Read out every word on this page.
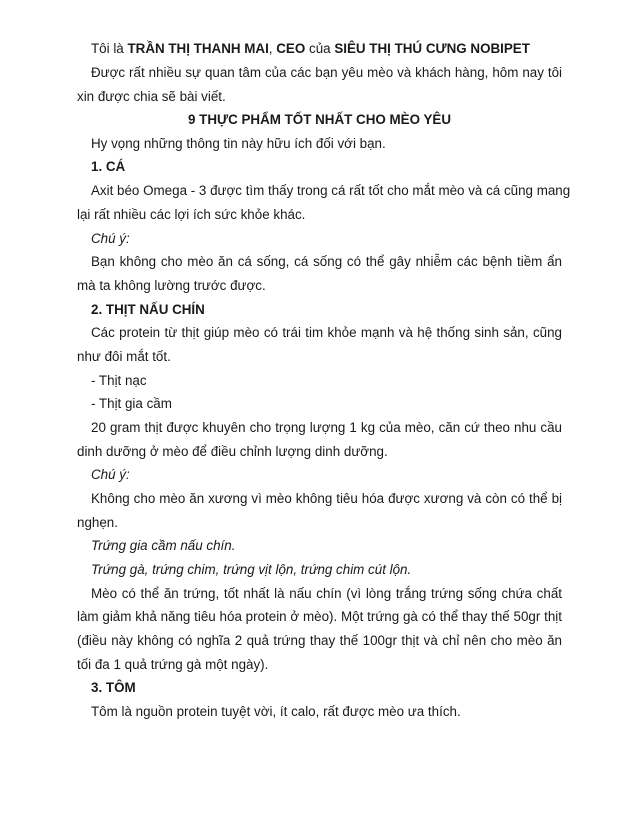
Tôi là TRẦN THỊ THANH MAI, CEO của SIÊU THỊ THÚ CƯNG NOBIPET
Được rất nhiều sự quan tâm của các bạn yêu mèo và khách hàng, hôm nay tôi
xin được chia sẽ bài viết.
9 THỰC PHẨM TỐT NHẤT CHO MÈO YÊU
Hy vọng những thông tin này hữu ích đối với bạn.
1. CÁ
Axit béo Omega - 3 được tìm thấy trong cá rất tốt cho mắt mèo và cá cũng mang
lại rất nhiều các lợi ích sức khỏe khác.
Chú ý:
Bạn không cho mèo ăn cá sống, cá sống có thể gây nhiễm các bệnh tiềm ẩn
mà ta không lường trước được.
2. THỊT NẤU CHÍN
Các protein từ thịt giúp mèo có trái tim khỏe mạnh và hệ thống sinh sản, cũng
như đôi mắt tốt.
- Thịt nạc
- Thịt gia cầm
20 gram thịt được khuyên cho trọng lượng 1 kg của mèo, căn cứ theo nhu cầu
dinh dưỡng ở mèo để điều chỉnh lượng dinh dưỡng.
Chú ý:
Không cho mèo ăn xương vì mèo không tiêu hóa được xương và còn có thể bị
nghẹn.
Trứng gia cầm nấu chín.
Trứng gà, trứng chim, trứng vịt lộn, trứng chim cút lộn.
Mèo có thể ăn trứng, tốt nhất là nấu chín (vì lòng trắng trứng sống chứa chất
làm giảm khả năng tiêu hóa protein ở mèo). Một trứng gà có thể thay thế 50gr thịt
(điều này không có nghĩa 2 quả trứng thay thế 100gr thịt và chỉ nên cho mèo ăn
tối đa 1 quả trứng gà một ngày).
3. TÔM
Tôm là nguồn protein tuyệt vời, ít calo, rất được mèo ưa thích.
